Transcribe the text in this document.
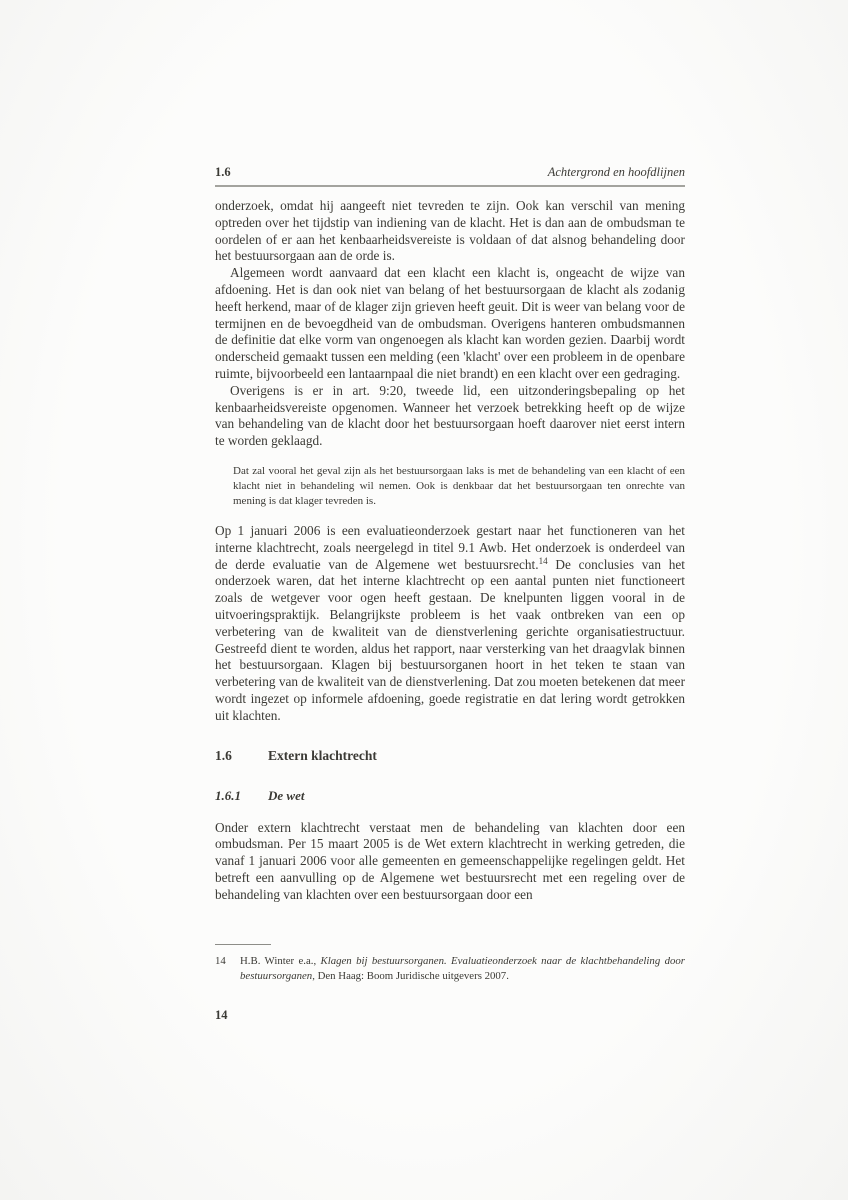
1.6	Achtergrond en hoofdlijnen

onderzoek, omdat hij aangeeft niet tevreden te zijn. Ook kan verschil van mening optreden over het tijdstip van indiening van de klacht. Het is dan aan de ombudsman te oordelen of er aan het kenbaarheidsvereiste is voldaan of dat alsnog behandeling door het bestuursorgaan aan de orde is.

Algemeen wordt aanvaard dat een klacht een klacht is, ongeacht de wijze van afdoening. Het is dan ook niet van belang of het bestuursorgaan de klacht als zodanig heeft herkend, maar of de klager zijn grieven heeft geuit. Dit is weer van belang voor de termijnen en de bevoegdheid van de ombudsman. Overigens hanteren ombudsmannen de definitie dat elke vorm van ongenoegen als klacht kan worden gezien. Daarbij wordt onderscheid gemaakt tussen een melding (een 'klacht' over een probleem in de openbare ruimte, bijvoorbeeld een lantaarnpaal die niet brandt) en een klacht over een gedraging.

Overigens is er in art. 9:20, tweede lid, een uitzonderingsbepaling op het kenbaarheidsvereiste opgenomen. Wanneer het verzoek betrekking heeft op de wijze van behandeling van de klacht door het bestuursorgaan hoeft daarover niet eerst intern te worden geklaagd.

Dat zal vooral het geval zijn als het bestuursorgaan laks is met de behandeling van een klacht of een klacht niet in behandeling wil nemen. Ook is denkbaar dat het bestuursorgaan ten onrechte van mening is dat klager tevreden is.

Op 1 januari 2006 is een evaluatieonderzoek gestart naar het functioneren van het interne klachtrecht, zoals neergelegd in titel 9.1 Awb. Het onderzoek is onderdeel van de derde evaluatie van de Algemene wet bestuursrecht.$^{14}$ De conclusies van het onderzoek waren, dat het interne klachtrecht op een aantal punten niet functioneert zoals de wetgever voor ogen heeft gestaan. De knelpunten liggen vooral in de uitvoeringspraktijk. Belangrijkste probleem is het vaak ontbreken van een op verbetering van de kwaliteit van de dienstverlening gerichte organisatiestructuur. Gestreefd dient te worden, aldus het rapport, naar versterking van het draagvlak binnen het bestuursorgaan. Klagen bij bestuursorganen hoort in het teken te staan van verbetering van de kwaliteit van de dienstverlening. Dat zou moeten betekenen dat meer wordt ingezet op informele afdoening, goede registratie en dat lering wordt getrokken uit klachten.

1.6	Extern klachtrecht
1.6.1	De wet

Onder extern klachtrecht verstaat men de behandeling van klachten door een ombudsman. Per 15 maart 2005 is de Wet extern klachtrecht in werking getreden, die vanaf 1 januari 2006 voor alle gemeenten en gemeenschappelijke regelingen geldt. Het betreft een aanvulling op de Algemene wet bestuursrecht met een regeling over de behandeling van klachten over een bestuursorgaan door een

14	H.B. Winter e.a., Klagen bij bestuursorganen. Evaluatieonderzoek naar de klachtbehandeling door bestuursorganen, Den Haag: Boom Juridische uitgevers 2007.
14
